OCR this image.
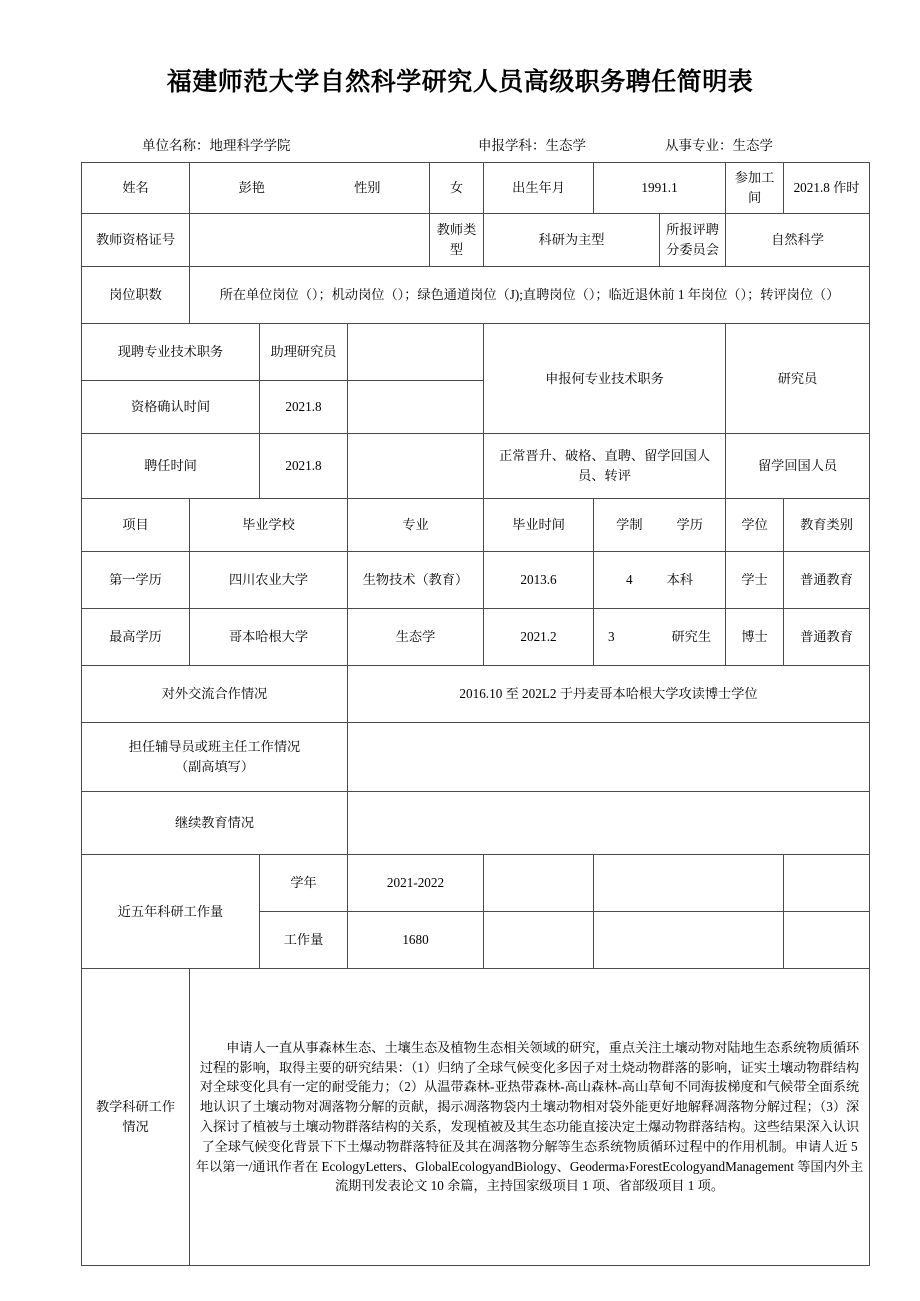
福建师范大学自然科学研究人员高级职务聘任简明表
单位名称：地理科学学院	申报学科：生态学	从事专业：生态学
姓名	彭艳 性别			女	出生年月	1991.1		参加工间	2021.8 作时
教师资格证号				教师类型	科研为主型		所报评聘分委员会	自然科学	
岗位职数	所在单位岗位（）；机动岗位（）；绿色通道岗位（J);直聘岗位（）；临近退休前 1 年岗位（）；转评岗位（）								
现聘专业技术职务		助理研究员			申报何专业技术职务			研究员	
资格确认时间		2021.8							
聘任时间		2021.8			正常晋升、破格、直聘、留学回国人员、转评			留学回国人员	
项目	毕业学校		专业		毕业时间	学制 学历		学位	教育类别
第一学历	四川农业大学		生物技术（教育）		2013.6	4 本科		学士	普通教育
最高学历	哥本哈根大学		生态学		2021.2	3 研究生		博士	普通教育
对外交流合作情况			2016.10 至 202L2 于丹麦哥本哈根大学攻读博士学位						

担任辅导员或班主任工作情况
（副高填写）									

继续教育情况									
近五年科研工作量		学年	2021-2022						
		工作量	1680						

教学科研工作
情况	申请人一直从事森林生态、土壤生态及植物生态相关领域的研究，重点关注土壤动物对陆地生态系统物质循环过程的影响，取得主要的研究结果：（1）归纳了全球气候变化多因子对土烧动物群落的影响，证实土壤动物群结构对全球变化具有一定的耐受能力；（2）从温带森林-亚热带森林-高山森林-高山草甸不同海拔梯度和气候带全面系统地认识了土壤动物对凋落物分解的贡献，揭示凋落物袋内土壤动物相对袋外能更好地解释凋落物分解过程；（3）深入探讨了植被与土壤动物群落结构的关系，发现植被及其生态功能直接决定土爆动物群落结构。这些结果深入认识了全球气候变化背景下下土爆动物群落特征及其在凋落物分解等生态系统物质循环过程中的作用机制。申请人近 5 年以第一/通讯作者在 EcologyLetters、GlobalEcologyandBiology、Geoderma›ForestEcologyandManagement 等国内外主流期刊发表论文 10 余篇，主持国家级项目 1 项、省部级项目 1 项。								
